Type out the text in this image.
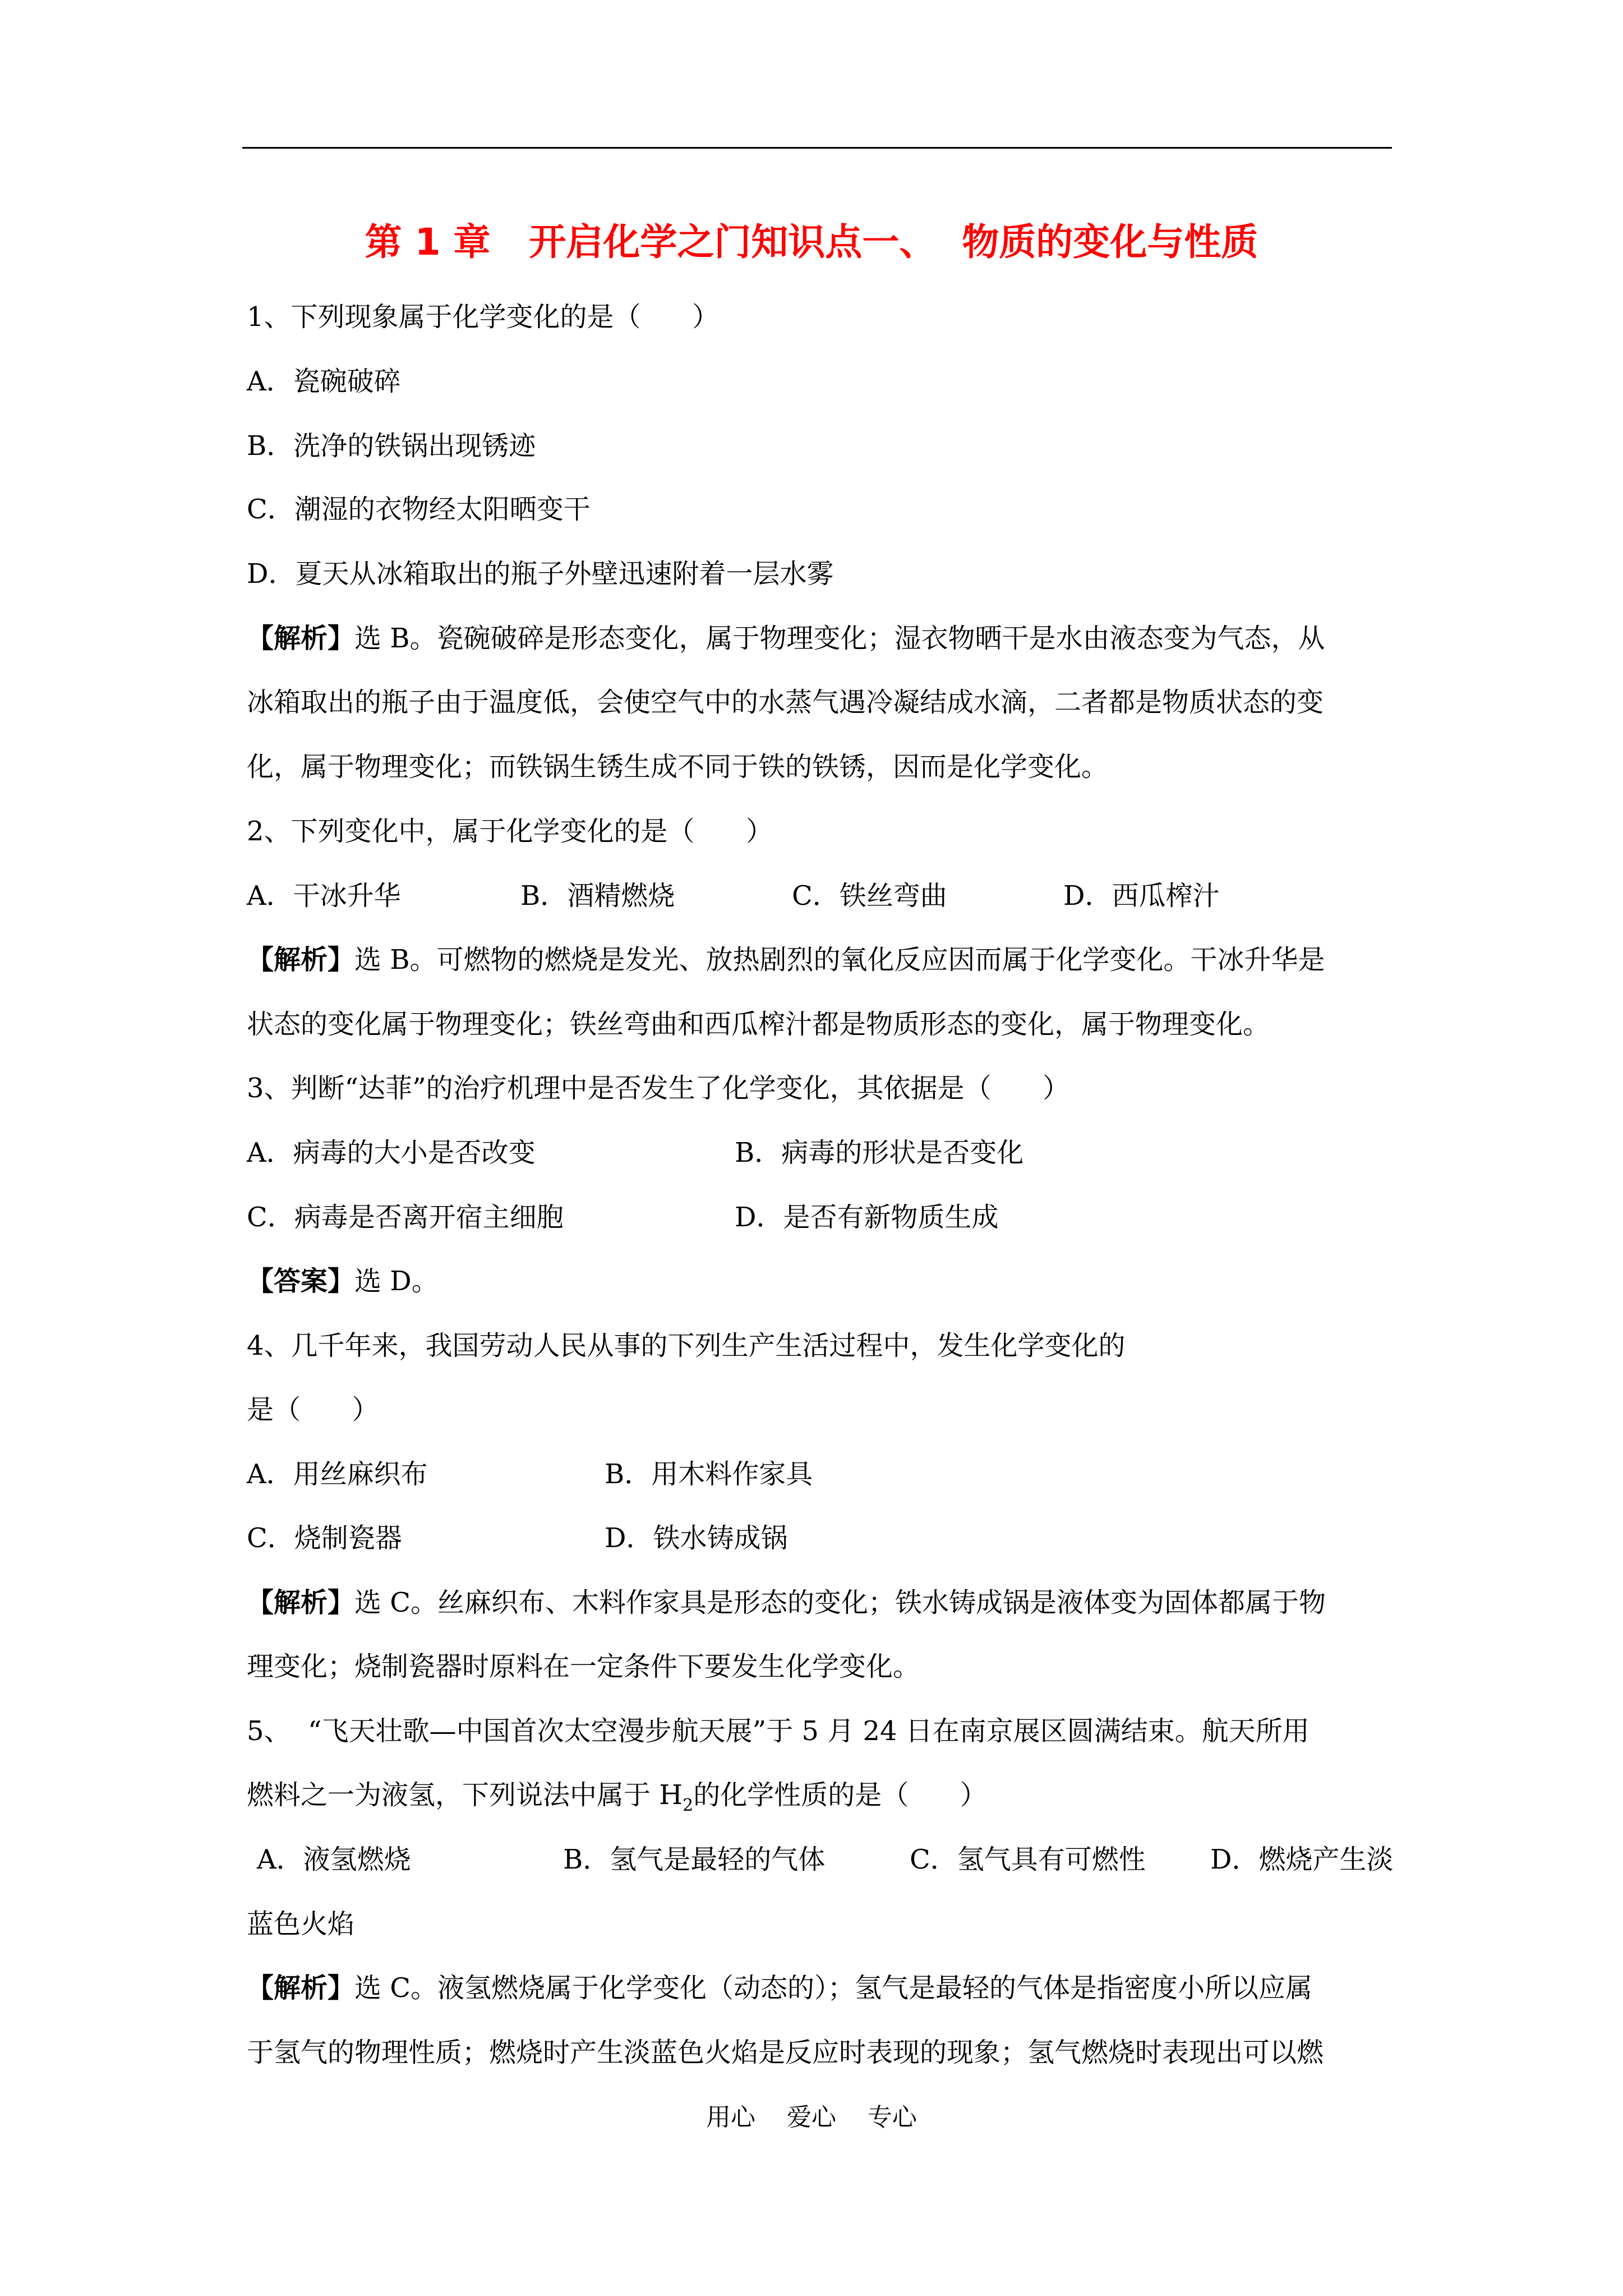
第 1 章   开启化学之门知识点一、  物质的变化与性质
1、下列现象属于化学变化的是（      ）
A．瓷碗破碎
B．洗净的铁锅出现锈迹
C．潮湿的衣物经太阳晒变干
D．夏天从冰箱取出的瓶子外壁迅速附着一层水雾
【解析】选 B。瓷碗破碎是形态变化，属于物理变化；湿衣物晒干是水由液态变为气态，从
冰箱取出的瓶子由于温度低，会使空气中的水蒸气遇冷凝结成水滴，二者都是物质状态的变
化，属于物理变化；而铁锅生锈生成不同于铁的铁锈，因而是化学变化。
2、下列变化中，属于化学变化的是（      ）
A．干冰升华	B．酒精燃烧	C．铁丝弯曲	D．西瓜榨汁
【解析】选 B。可燃物的燃烧是发光、放热剧烈的氧化反应因而属于化学变化。干冰升华是
状态的变化属于物理变化；铁丝弯曲和西瓜榨汁都是物质形态的变化，属于物理变化。
3、判断“达菲”的治疗机理中是否发生了化学变化，其依据是（      ）
A．病毒的大小是否改变	B．病毒的形状是否变化
C．病毒是否离开宿主细胞	D．是否有新物质生成
【答案】选 D。
4、几千年来，我国劳动人民从事的下列生产生活过程中，发生化学变化的
是（      ）
A．用丝麻织布	B．用木料作家具
C．烧制瓷器	D．铁水铸成锅
【解析】选 C。丝麻织布、木料作家具是形态的变化；铁水铸成锅是液体变为固体都属于物
理变化；烧制瓷器时原料在一定条件下要发生化学变化。
5、  “飞天壮歌—中国首次太空漫步航天展”于 5 月 24 日在南京展区圆满结束。航天所用
燃料之一为液氢，下列说法中属于 $H_2$的化学性质的是（      ）
A．液氢燃烧	B．氢气是最轻的气体	C．氢气具有可燃性 D．燃烧产生淡
蓝色火焰
【解析】选 C。液氢燃烧属于化学变化（动态的）；氢气是最轻的气体是指密度小所以应属
于氢气的物理性质；燃烧时产生淡蓝色火焰是反应时表现的现象；氢气燃烧时表现出可以燃
用心    爱心    专心
